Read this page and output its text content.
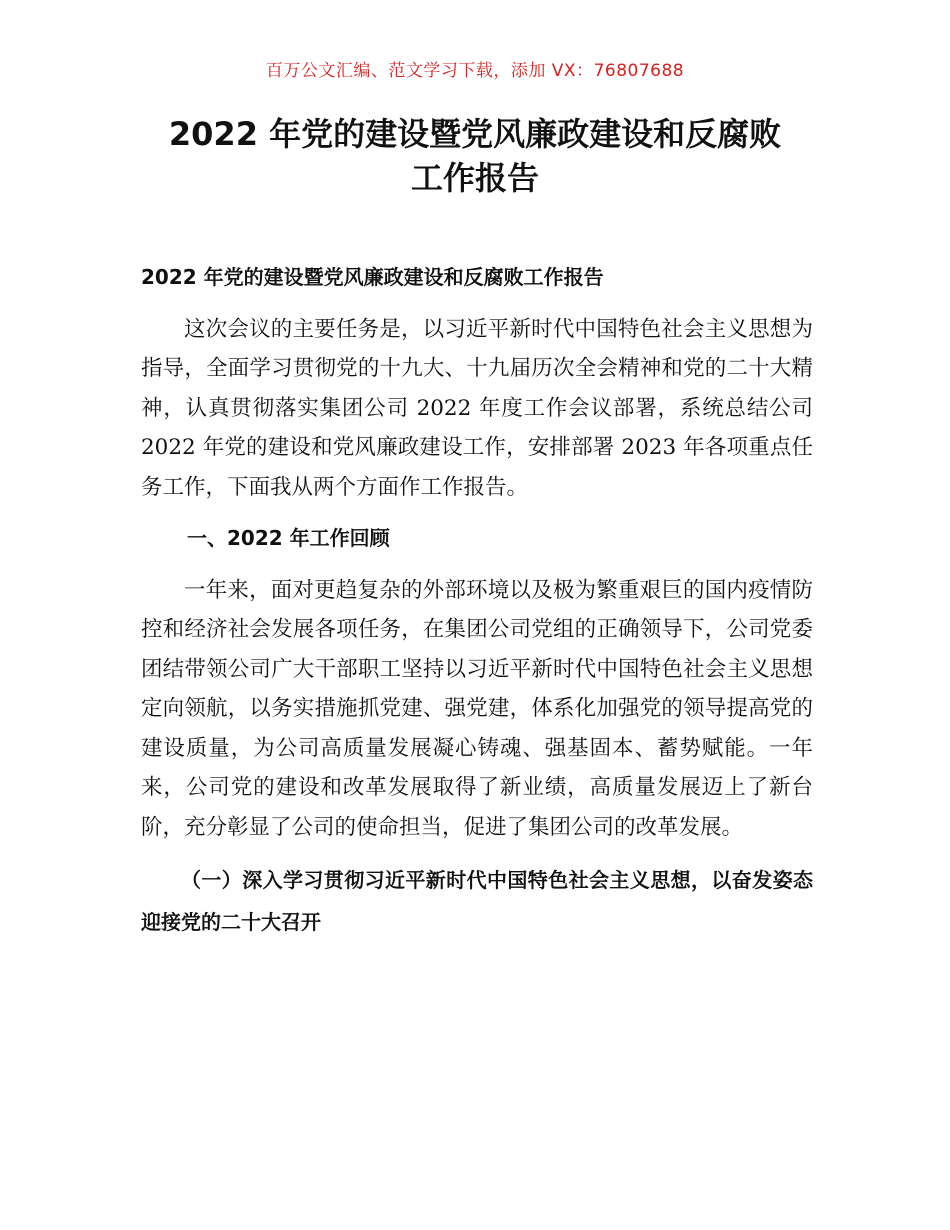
百万公文汇编、范文学习下载，添加 VX：76807688
2022 年党的建设暨党风廉政建设和反腐败
工作报告

2022 年党的建设暨党风廉政建设和反腐败工作报告

这次会议的主要任务是，以习近平新时代中国特色社会主义思想为指导，全面学习贯彻党的十九大、十九届历次全会精神和党的二十大精神，认真贯彻落实集团公司 2022 年度工作会议部署，系统总结公司 2022 年党的建设和党风廉政建设工作，安排部署 2023 年各项重点任务工作，下面我从两个方面作工作报告。

一、2022 年工作回顾

一年来，面对更趋复杂的外部环境以及极为繁重艰巨的国内疫情防控和经济社会发展各项任务，在集团公司党组的正确领导下，公司党委团结带领公司广大干部职工坚持以习近平新时代中国特色社会主义思想定向领航，以务实措施抓党建、强党建，体系化加强党的领导提高党的建设质量，为公司高质量发展凝心铸魂、强基固本、蓄势赋能。一年来，公司党的建设和改革发展取得了新业绩，高质量发展迈上了新台阶，充分彰显了公司的使命担当，促进了集团公司的改革发展。

（一）深入学习贯彻习近平新时代中国特色社会主义思想，以奋发姿态迎接党的二十大召开
